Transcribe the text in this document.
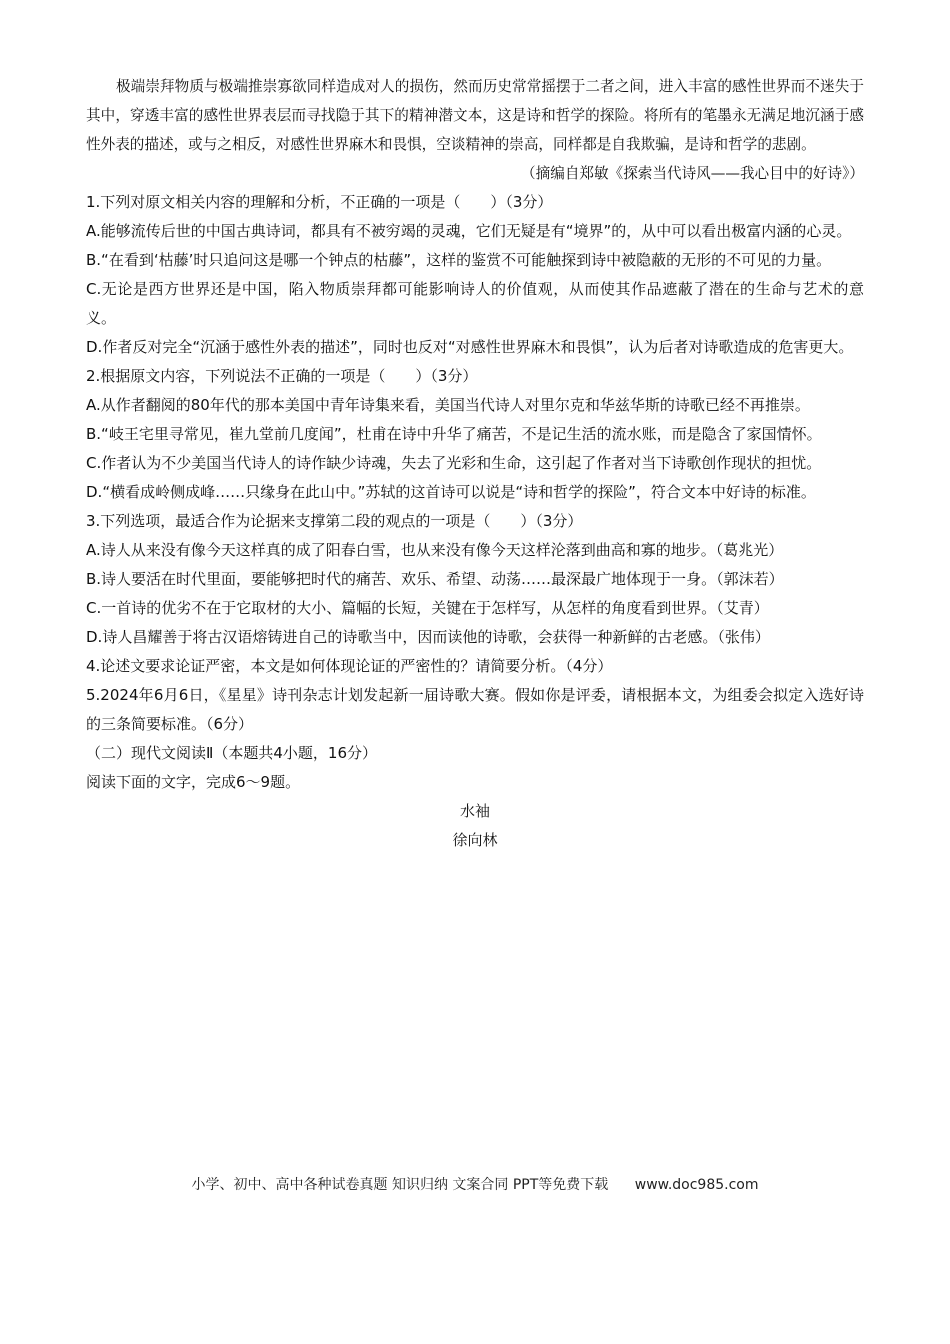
极端崇拜物质与极端推崇寡欲同样造成对人的损伤，然而历史常常摇摆于二者之间，进入丰富的感性世界而不迷失于其中，穿透丰富的感性世界表层而寻找隐于其下的精神潜文本，这是诗和哲学的探险。将所有的笔墨永无满足地沉涵于感性外表的描述，或与之相反，对感性世界麻木和畏惧，空谈精神的崇高，同样都是自我欺骗，是诗和哲学的悲剧。

（摘编自郑敏《探索当代诗风——我心目中的好诗》）

1.下列对原文相关内容的理解和分析，不正确的一项是（　　）（3分）

A.能够流传后世的中国古典诗词，都具有不被穷竭的灵魂，它们无疑是有“境界”的，从中可以看出极富内涵的心灵。

B.“在看到‘枯藤’时只追问这是哪一个钟点的枯藤”，这样的鉴赏不可能触探到诗中被隐蔽的无形的不可见的力量。

C.无论是西方世界还是中国，陷入物质崇拜都可能影响诗人的价值观，从而使其作品遮蔽了潜在的生命与艺术的意义。

D.作者反对完全“沉涵于感性外表的描述”，同时也反对“对感性世界麻木和畏惧”，认为后者对诗歌造成的危害更大。

2.根据原文内容，下列说法不正确的一项是（　　）（3分）

A.从作者翻阅的80年代的那本美国中青年诗集来看，美国当代诗人对里尔克和华兹华斯的诗歌已经不再推崇。

B.“岐王宅里寻常见，崔九堂前几度闻”，杜甫在诗中升华了痛苦，不是记生活的流水账，而是隐含了家国情怀。

C.作者认为不少美国当代诗人的诗作缺少诗魂，失去了光彩和生命，这引起了作者对当下诗歌创作现状的担忧。

D.“横看成岭侧成峰……只缘身在此山中。”苏轼的这首诗可以说是“诗和哲学的探险”，符合文本中好诗的标准。

3.下列选项，最适合作为论据来支撑第二段的观点的一项是（　　）（3分）

A.诗人从来没有像今天这样真的成了阳春白雪，也从来没有像今天这样沦落到曲高和寡的地步。（葛兆光）

B.诗人要活在时代里面，要能够把时代的痛苦、欢乐、希望、动荡……最深最广地体现于一身。（郭沫若）

C.一首诗的优劣不在于它取材的大小、篇幅的长短，关键在于怎样写，从怎样的角度看到世界。（艾青）

D.诗人昌耀善于将古汉语熔铸进自己的诗歌当中，因而读他的诗歌，会获得一种新鲜的古老感。（张伟）

4.论述文要求论证严密，本文是如何体现论证的严密性的？请简要分析。（4分）

5.2024年6月6日，《星星》诗刊杂志计划发起新一届诗歌大赛。假如你是评委，请根据本文，为组委会拟定入选好诗的三条简要标准。（6分）

（二）现代文阅读Ⅱ（本题共4小题，16分）

阅读下面的文字，完成6～9题。

水袖

徐向林

小学、初中、高中各种试卷真题 知识归纳 文案合同 PPT等免费下载 www.doc985.com
